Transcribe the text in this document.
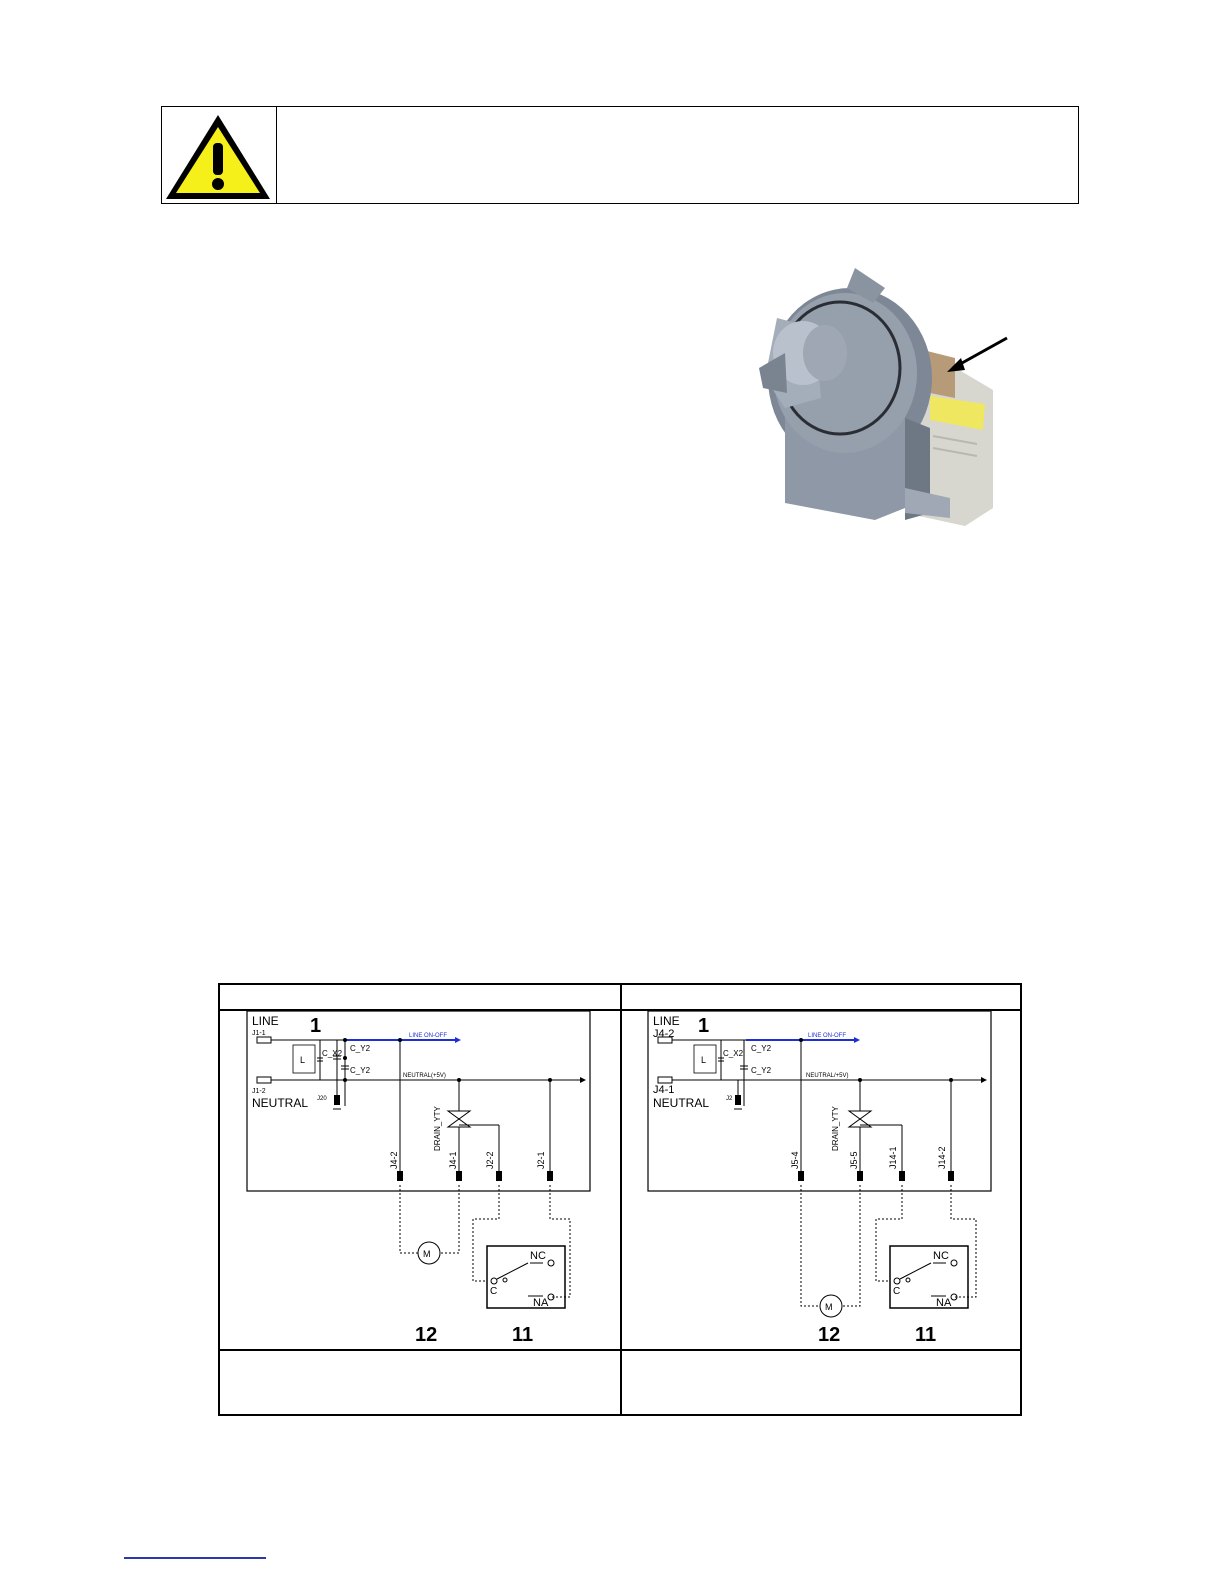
LINE
J1-1 1	LINE ON-OFF
L
C_X2
C_Y2
C_Y2
J1-2
NEUTRAL
NEUTRAL(+5V)
J20
DRAIN_YTY
J4-2	J4-1	J2-2	J2-1
M	NC
C
NA
12	11
LINE
J4-2 1	LINE ON-OFF
L
C_X2
C_Y2
C_Y2
J4-1
NEUTRAL
NEUTRAL/+5V)
J2
DRAIN_YTY
J5-4	J5-5	J14-1	J14-2
M
NC
C
NA
12	11
